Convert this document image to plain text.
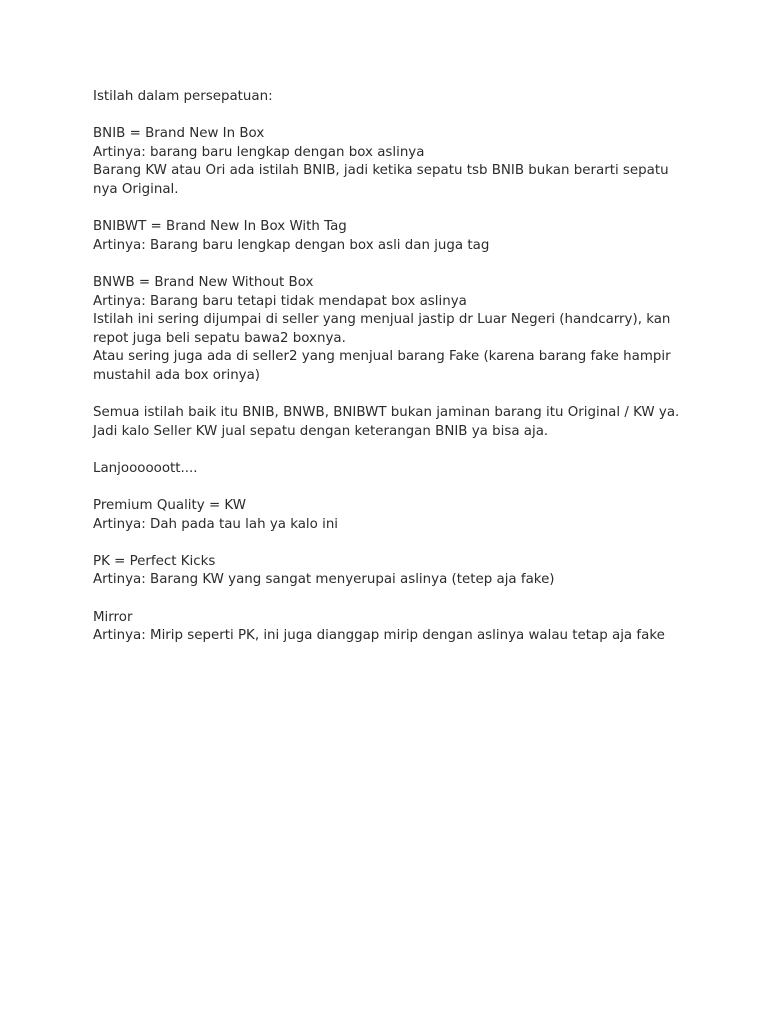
Istilah dalam persepatuan:
BNIB = Brand New In Box
Artinya: barang baru lengkap dengan box aslinya
Barang KW atau Ori ada istilah BNIB, jadi ketika sepatu tsb BNIB bukan berarti sepatu
nya Original.
BNIBWT = Brand New In Box With Tag
Artinya: Barang baru lengkap dengan box asli dan juga tag
BNWB = Brand New Without Box
Artinya: Barang baru tetapi tidak mendapat box aslinya
Istilah ini sering dijumpai di seller yang menjual jastip dr Luar Negeri (handcarry), kan
repot juga beli sepatu bawa2 boxnya.
Atau sering juga ada di seller2 yang menjual barang Fake (karena barang fake hampir
mustahil ada box orinya)
Semua istilah baik itu BNIB, BNWB, BNIBWT bukan jaminan barang itu Original / KW ya.
Jadi kalo Seller KW jual sepatu dengan keterangan BNIB ya bisa aja.
Lanjoooooott....
Premium Quality = KW
Artinya: Dah pada tau lah ya kalo ini
PK = Perfect Kicks
Artinya: Barang KW yang sangat menyerupai aslinya (tetep aja fake)
Mirror
Artinya: Mirip seperti PK, ini juga dianggap mirip dengan aslinya walau tetap aja fake
